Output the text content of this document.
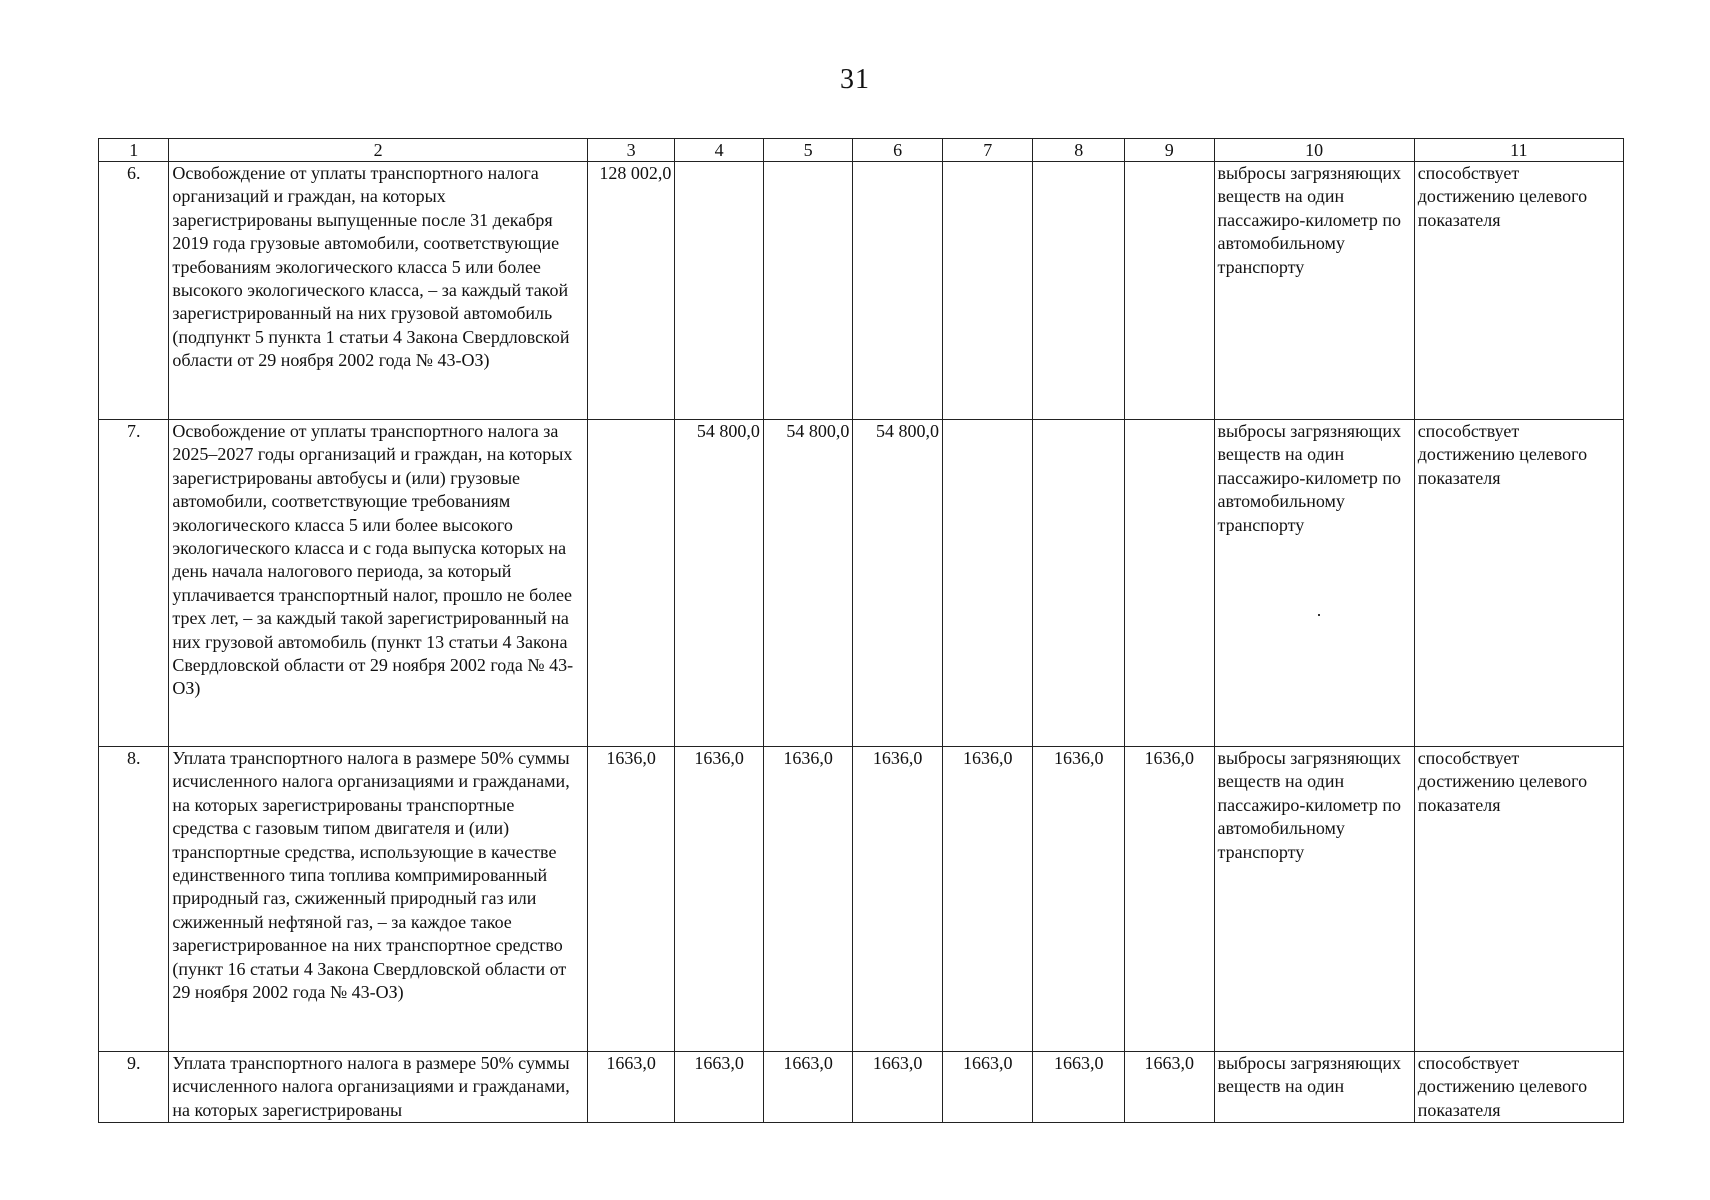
31
1	2	3	4	5	6	7	8	9	10	11
6.	Освобождение от уплаты транспортного налога организаций и граждан, на которых зарегистрированы выпущенные после 31 декабря 2019 года грузовые автомобили, соответствующие требованиям экологического класса 5 или более высокого экологического класса, – за каждый такой зарегистрированный на них грузовой автомобиль (подпункт 5 пункта 1 статьи 4 Закона Свердловской области от 29 ноября 2002 года № 43-ОЗ)	128 002,0							выбросы загрязняющих веществ на один пассажиро-километр по автомобильному транспорту	способствует достижению целевого показателя
7.	Освобождение от уплаты транспортного налога за 2025–2027 годы организаций и граждан, на которых зарегистрированы автобусы и (или) грузовые автомобили, соответствующие требованиям экологического класса 5 или более высокого экологического класса и с года выпуска которых на день начала налогового периода, за который уплачивается транспортный налог, прошло не более трех лет, – за каждый такой зарегистрированный на них грузовой автомобиль (пункт 13 статьи 4 Закона Свердловской области от 29 ноября 2002 года № 43-ОЗ)		54 800,0	54 800,0	54 800,0				выбросы загрязняющих веществ на один пассажиро-километр по автомобильному транспорту	способствует достижению целевого показателя
8.	Уплата транспортного налога в размере 50% суммы исчисленного налога организациями и гражданами, на которых зарегистрированы транспортные средства с газовым типом двигателя и (или) транспортные средства, использующие в качестве единственного типа топлива компримированный природный газ, сжиженный природный газ или сжиженный нефтяной газ, – за каждое такое зарегистрированное на них транспортное средство (пункт 16 статьи 4 Закона Свердловской области от 29 ноября 2002 года № 43-ОЗ)	1636,0	1636,0	1636,0	1636,0	1636,0	1636,0	1636,0	выбросы загрязняющих веществ на один пассажиро-километр по автомобильному транспорту	способствует достижению целевого показателя
9.	Уплата транспортного налога в размере 50% суммы исчисленного налога организациями и гражданами, на которых зарегистрированы	1663,0	1663,0	1663,0	1663,0	1663,0	1663,0	1663,0	выбросы загрязняющих веществ на один	способствует достижению целевого показателя
